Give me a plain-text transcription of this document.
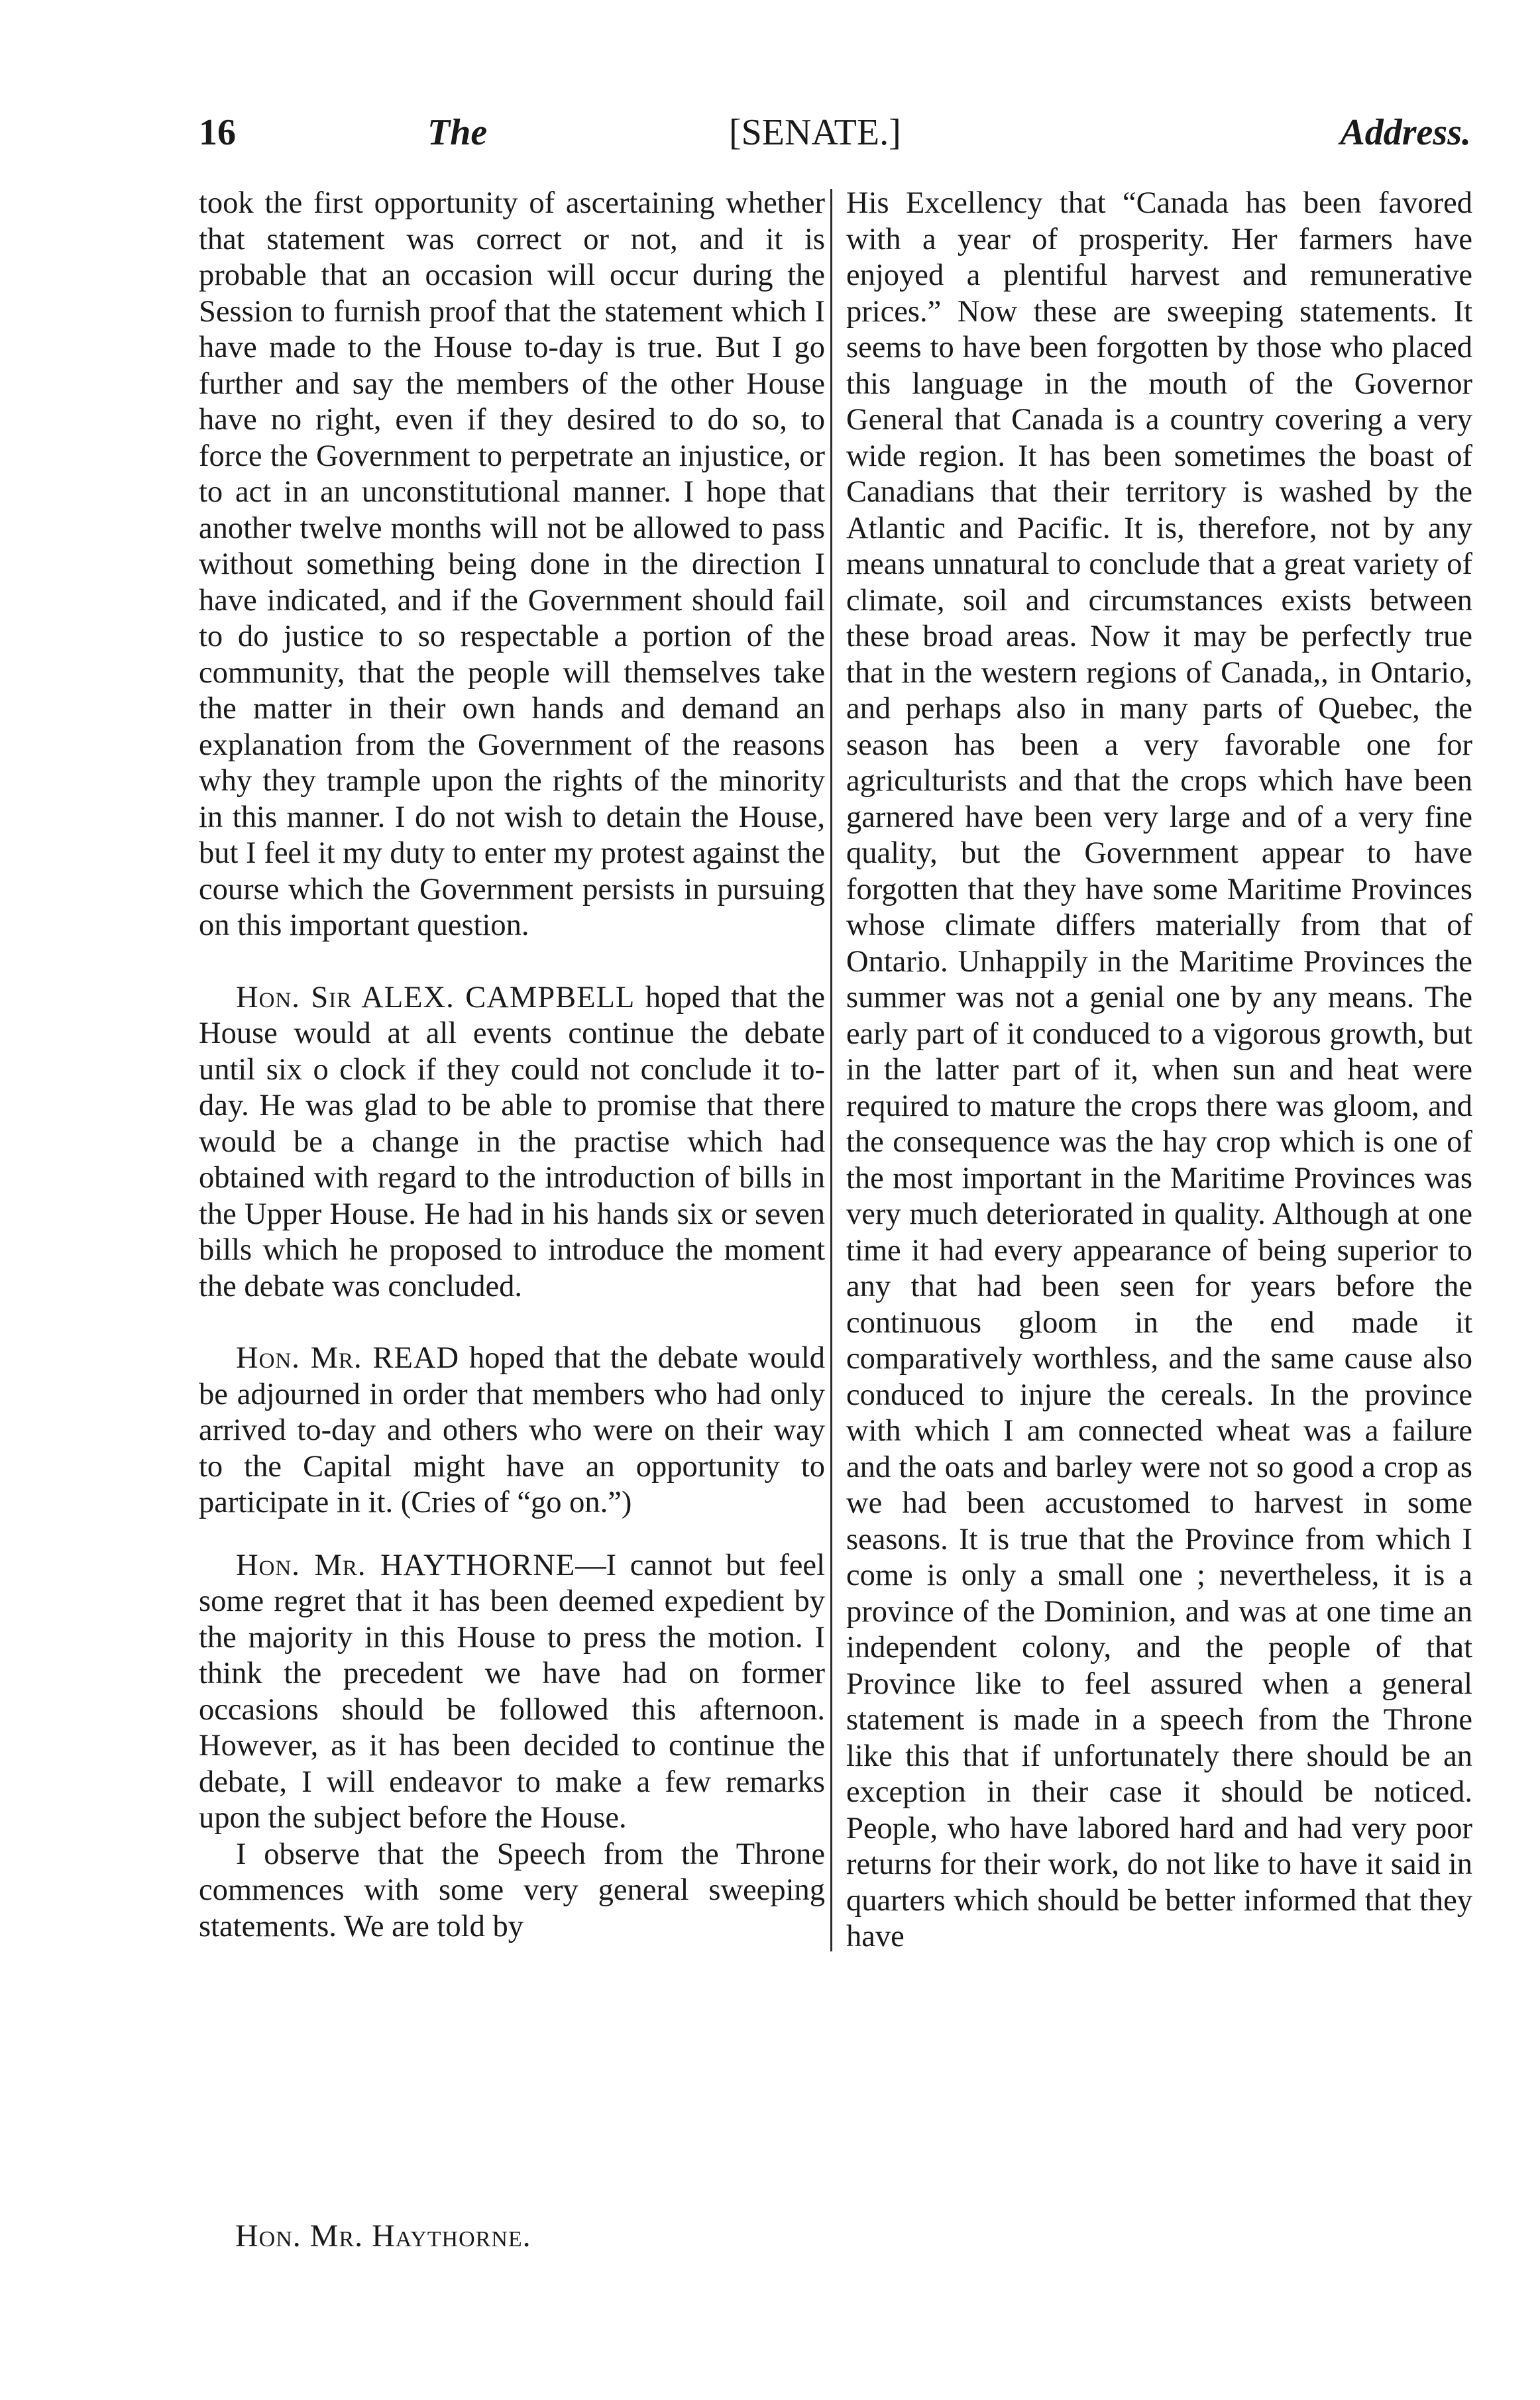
16	The	[SENATE.]	Address.

took the first opportunity of ascertaining whether that statement was correct or not, and it is probable that an occasion will occur during the Session to furnish proof that the statement which I have made to the House to-day is true. But I go further and say the members of the other House have no right, even if they desired to do so, to force the Government to perpetrate an injustice, or to act in an unconstitutional manner. I hope that another twelve months will not be allowed to pass without something being done in the direction I have indicated, and if the Government should fail to do justice to so respectable a portion of the community, that the people will themselves take the matter in their own hands and demand an explanation from the Government of the reasons why they trample upon the rights of the minority in this manner. I do not wish to detain the House, but I feel it my duty to enter my protest against the course which the Government persists in pursuing on this important question.

Hon. Sir ALEX. CAMPBELL hoped that the House would at all events continue the debate until six o clock if they could not conclude it to-day. He was glad to be able to promise that there would be a change in the practise which had obtained with regard to the introduction of bills in the Upper House. He had in his hands six or seven bills which he proposed to introduce the moment the debate was concluded.

Hon. Mr. READ hoped that the debate would be adjourned in order that members who had only arrived to-day and others who were on their way to the Capital might have an opportunity to participate in it. (Cries of “go on.”)

Hon. Mr. HAYTHORNE—I cannot but feel some regret that it has been deemed expedient by the majority in this House to press the motion. I think the precedent we have had on former occasions should be followed this afternoon. However, as it has been decided to continue the debate, I will endeavor to make a few remarks upon the subject before the House.

I observe that the Speech from the Throne commences with some very general sweeping statements. We are told by

His Excellency that “Canada has been favored with a year of prosperity. Her farmers have enjoyed a plentiful harvest and remunerative prices.” Now these are sweeping statements. It seems to have been forgotten by those who placed this language in the mouth of the Governor General that Canada is a country covering a very wide region. It has been sometimes the boast of Canadians that their territory is washed by the Atlantic and Pacific. It is, therefore, not by any means unnatural to conclude that a great variety of climate, soil and circumstances exists between these broad areas. Now it may be perfectly true that in the western regions of Canada,, in Ontario, and perhaps also in many parts of Quebec, the season has been a very favorable one for agriculturists and that the crops which have been garnered have been very large and of a very fine quality, but the Government appear to have forgotten that they have some Maritime Provinces whose climate differs materially from that of Ontario. Unhappily in the Maritime Provinces the summer was not a genial one by any means. The early part of it conduced to a vigorous growth, but in the latter part of it, when sun and heat were required to mature the crops there was gloom, and the consequence was the hay crop which is one of the most important in the Maritime Provinces was very much deteriorated in quality. Although at one time it had every appearance of being superior to any that had been seen for years before the continuous gloom in the end made it comparatively worthless, and the same cause also conduced to injure the cereals. In the province with which I am connected wheat was a failure and the oats and barley were not so good a crop as we had been accustomed to harvest in some seasons. It is true that the Province from which I come is only a small one ; nevertheless, it is a province of the Dominion, and was at one time an independent colony, and the people of that Province like to feel assured when a general statement is made in a speech from the Throne like this that if unfortunately there should be an exception in their case it should be noticed. People, who have labored hard and had very poor returns for their work, do not like to have it said in quarters which should be better informed that they have

Hon. Mr. Haythorne.
